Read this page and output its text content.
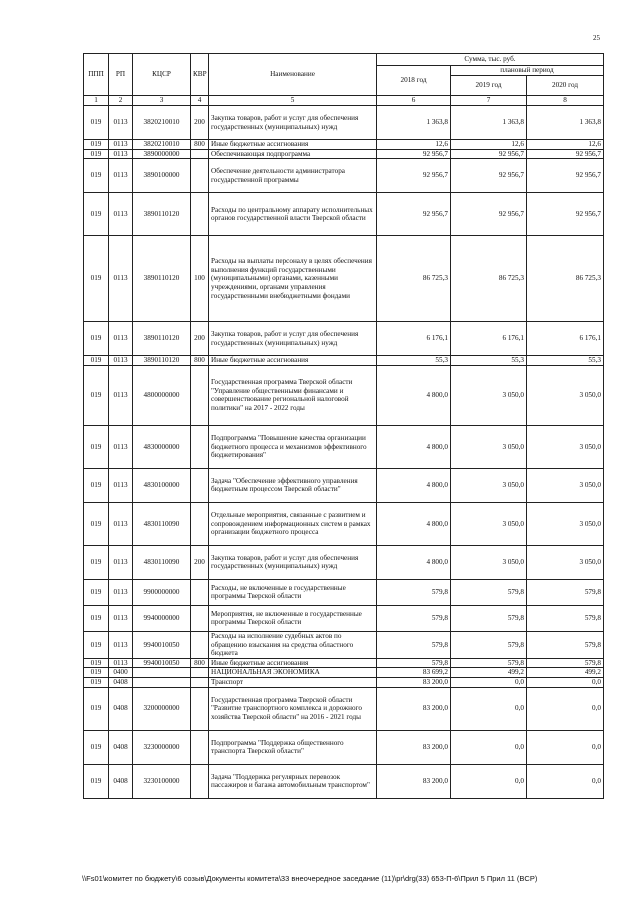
25
ППП	РП	КЦСР	КВР	Наименование	Сумма, тыс. руб.		
					2018 год	плановый период	
						2019 год	2020 год
1	2	3	4	5	6	7	8
019	0113	3820210010	200	Закупка товаров, работ и услуг для обеспечения государственных (муниципальных) нужд	1 363,8	1 363,8	1 363,8
019	0113	3820210010	800	Иные бюджетные ассигнования	12,6	12,6	12,6
019	0113	3890000000		Обеспечивающая подпрограмма	92 956,7	92 956,7	92 956,7
019	0113	3890100000		Обеспечение деятельности администратора государственной программы	92 956,7	92 956,7	92 956,7
019	0113	3890110120		Расходы по центральному аппарату исполнительных органов государственной власти Тверской области	92 956,7	92 956,7	92 956,7
019	0113	3890110120	100	Расходы на выплаты персоналу в целях обеспечения выполнения функций государственными (муниципальными) органами, казенными учреждениями, органами управления государственными внебюджетными фондами	86 725,3	86 725,3	86 725,3
019	0113	3890110120	200	Закупка товаров, работ и услуг для обеспечения государственных (муниципальных) нужд	6 176,1	6 176,1	6 176,1
019	0113	3890110120	800	Иные бюджетные ассигнования	55,3	55,3	55,3
019	0113	4800000000		Государственная программа Тверской области "Управление общественными финансами и совершенствование региональной налоговой политики" на 2017 - 2022 годы	4 800,0	3 050,0	3 050,0
019	0113	4830000000		Подпрограмма "Повышение качества организации бюджетного процесса и механизмов эффективного бюджетирования"	4 800,0	3 050,0	3 050,0
019	0113	4830100000		Задача "Обеспечение эффективного управления бюджетным процессом Тверской области"	4 800,0	3 050,0	3 050,0
019	0113	4830110090		Отдельные мероприятия, связанные с развитием и сопровождением информационных систем в рамках организации бюджетного процесса	4 800,0	3 050,0	3 050,0
019	0113	4830110090	200	Закупка товаров, работ и услуг для обеспечения государственных (муниципальных) нужд	4 800,0	3 050,0	3 050,0
019	0113	9900000000		Расходы, не включенные в государственные программы Тверской области	579,8	579,8	579,8
019	0113	9940000000		Мероприятия, не включенные в государственные программы Тверской области	579,8	579,8	579,8
019	0113	9940010050		Расходы на исполнение судебных актов по обращению взыскания на средства областного бюджета	579,8	579,8	579,8
019	0113	9940010050	800	Иные бюджетные ассигнования	579,8	579,8	579,8
019	0400			НАЦИОНАЛЬНАЯ ЭКОНОМИКА	83 699,2	499,2	499,2
019	0408			Транспорт	83 200,0	0,0	0,0
019	0408	3200000000		Государственная программа Тверской области "Развитие транспортного комплекса и дорожного хозяйства Тверской области" на 2016 - 2021 годы	83 200,0	0,0	0,0
019	0408	3230000000		Подпрограмма "Поддержка общественного транспорта Тверской области"	83 200,0	0,0	0,0
019	0408	3230100000		Задача "Поддержка регулярных перевозок пассажиров и багажа автомобильным транспортом"	83 200,0	0,0	0,0
\\Fs01\комитет по бюджету\6 созыв\Документы комитета\33 внеочередное заседание (11)\pr\drg(33) 653-П-6\Прил 5 Прил 11 (BCP)
